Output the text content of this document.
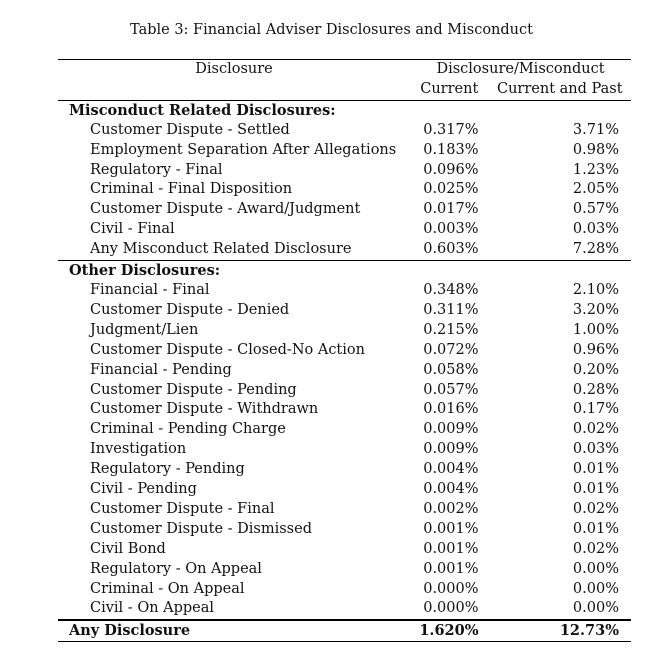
Table 3: Financial Adviser Disclosures and Misconduct
Disclosure	Disclosure/Misconduct	
	Current	Current and Past
Misconduct Related Disclosures:		
Customer Dispute - Settled	0.317%	3.71%
Employment Separation After Allegations	0.183%	0.98%
Regulatory - Final	0.096%	1.23%
Criminal - Final Disposition	0.025%	2.05%
Customer Dispute - Award/Judgment	0.017%	0.57%
Civil - Final	0.003%	0.03%
Any Misconduct Related Disclosure	0.603%	7.28%
Other Disclosures:		
Financial - Final	0.348%	2.10%
Customer Dispute - Denied	0.311%	3.20%
Judgment/Lien	0.215%	1.00%
Customer Dispute - Closed-No Action	0.072%	0.96%
Financial - Pending	0.058%	0.20%
Customer Dispute - Pending	0.057%	0.28%
Customer Dispute - Withdrawn	0.016%	0.17%
Criminal - Pending Charge	0.009%	0.02%
Investigation	0.009%	0.03%
Regulatory - Pending	0.004%	0.01%
Civil - Pending	0.004%	0.01%
Customer Dispute - Final	0.002%	0.02%
Customer Dispute - Dismissed	0.001%	0.01%
Civil Bond	0.001%	0.02%
Regulatory - On Appeal	0.001%	0.00%
Criminal - On Appeal	0.000%	0.00%
Civil - On Appeal	0.000%	0.00%
Any Disclosure	1.620%	12.73%
